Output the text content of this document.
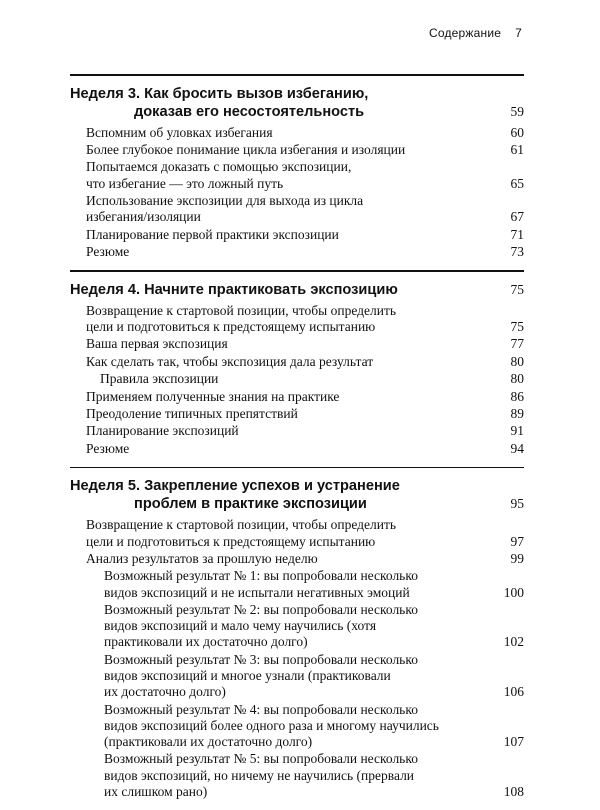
Содержание 7
Неделя 3. Как бросить вызов избеганию,
доказав его несостоятельность	59
Вспомним об уловках избегания	60
Более глубокое понимание цикла избегания и изоляции	61
Попытаемся доказать с помощью экспозиции,
что избегание — это ложный путь	65
Использование экспозиции для выхода из цикла
избегания/изоляции	67
Планирование первой практики экспозиции	71
Резюме	73
Неделя 4. Начните практиковать экспозицию	75
Возвращение к стартовой позиции, чтобы определить
цели и подготовиться к предстоящему испытанию	75
Ваша первая экспозиция	77
Как сделать так, чтобы экспозиция дала результат	80
Правила экспозиции	80
Применяем полученные знания на практике	86
Преодоление типичных препятствий	89
Планирование экспозиций	91
Резюме	94
Неделя 5. Закрепление успехов и устранение
проблем в практике экспозиции	95
Возвращение к стартовой позиции, чтобы определить
цели и подготовиться к предстоящему испытанию	97
Анализ результатов за прошлую неделю	99
Возможный результат № 1: вы попробовали несколько
видов экспозиций и не испытали негативных эмоций	100
Возможный результат № 2: вы попробовали несколько
видов экспозиций и мало чему научились (хотя
практиковали их достаточно долго)	102
Возможный результат № 3: вы попробовали несколько
видов экспозиций и многое узнали (практиковали
их достаточно долго)	106
Возможный результат № 4: вы попробовали несколько
видов экспозиций более одного раза и многому научились
(практиковали их достаточно долго)	107
Возможный результат № 5: вы попробовали несколько
видов экспозиций, но ничему не научились (прервали
их слишком рано)	108
